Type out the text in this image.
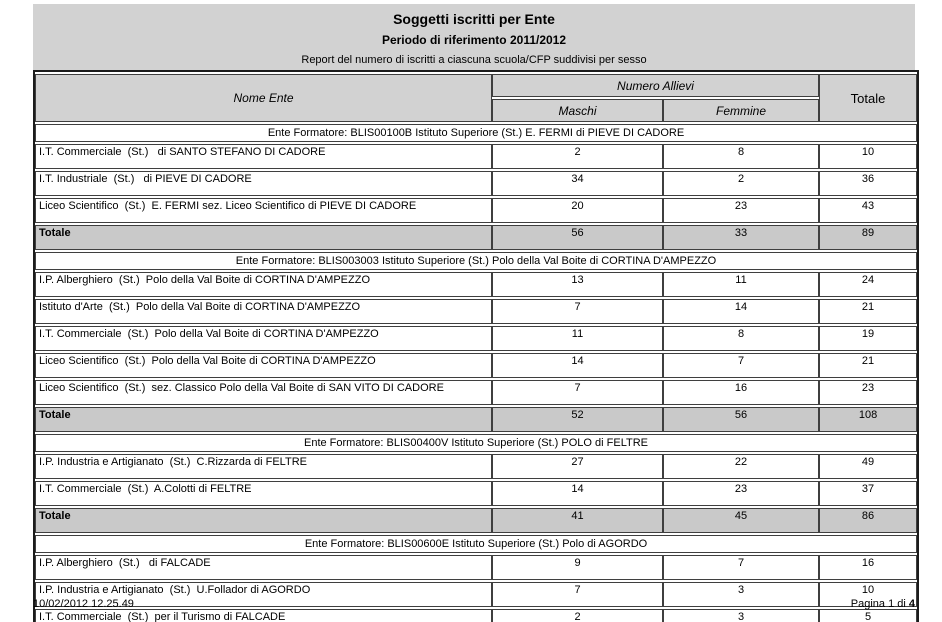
Soggetti iscritti per Ente
Periodo di riferimento 2011/2012
Report del numero di iscritti a ciascuna scuola/CFP suddivisi per sesso
Nome Ente	Numero Allievi		Totale
	Maschi	Femmine	
Ente Formatore: BLIS00100B Istituto Superiore (St.) E. FERMI di PIEVE DI CADORE			
I.T. Commerciale  (St.)   di SANTO STEFANO DI CADORE	2	8	10
I.T. Industriale  (St.)   di PIEVE DI CADORE	34	2	36
Liceo Scientifico  (St.)  E. FERMI sez. Liceo Scientifico di PIEVE DI CADORE	20	23	43
Totale	56	33	89
Ente Formatore: BLIS003003 Istituto Superiore (St.) Polo della Val Boite di CORTINA D'AMPEZZO			
I.P. Alberghiero  (St.)  Polo della Val Boite di CORTINA D'AMPEZZO	13	11	24
Istituto d'Arte  (St.)  Polo della Val Boite di CORTINA D'AMPEZZO	7	14	21
I.T. Commerciale  (St.)  Polo della Val Boite di CORTINA D'AMPEZZO	11	8	19
Liceo Scientifico  (St.)  Polo della Val Boite di CORTINA D'AMPEZZO	14	7	21
Liceo Scientifico  (St.)  sez. Classico Polo della Val Boite di SAN VITO DI CADORE	7	16	23
Totale	52	56	108
Ente Formatore: BLIS00400V Istituto Superiore (St.) POLO di FELTRE			
I.P. Industria e Artigianato  (St.)  C.Rizzarda di FELTRE	27	22	49
I.T. Commerciale  (St.)  A.Colotti di FELTRE	14	23	37
Totale	41	45	86
Ente Formatore: BLIS00600E Istituto Superiore (St.) Polo di AGORDO			
I.P. Alberghiero  (St.)   di FALCADE	9	7	16
I.P. Industria e Artigianato  (St.)  U.Follador di AGORDO	7	3	10
I.T. Commerciale  (St.)  per il Turismo di FALCADE	2	3	5
10/02/2012 12.25.49	Pagina 1 di 4
